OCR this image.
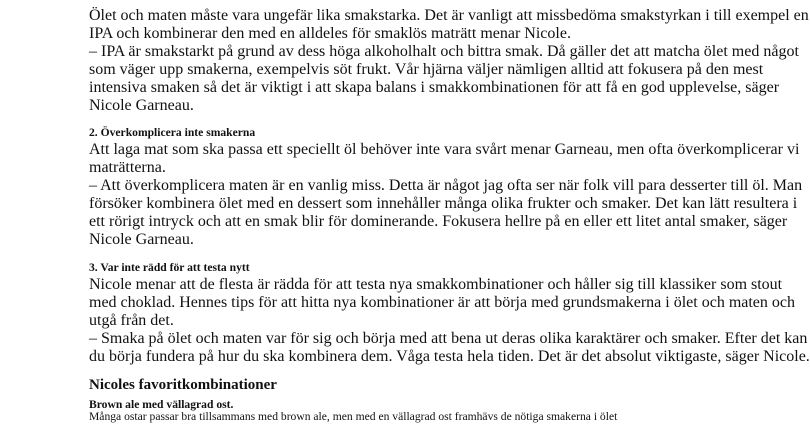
Ölet och maten måste vara ungefär lika smakstarka. Det är vanligt att missbedöma smakstyrkan i till exempel en
IPA och kombinerar den med en alldeles för smaklös maträtt menar Nicole.
– IPA är smakstarkt på grund av dess höga alkoholhalt och bittra smak. Då gäller det att matcha ölet med något
som väger upp smakerna, exempelvis söt frukt. Vår hjärna väljer nämligen alltid att fokusera på den mest
intensiva smaken så det är viktigt i att skapa balans i smakkombinationen för att få en god upplevelse, säger
Nicole Garneau.
2. Överkomplicera inte smakerna
Att laga mat som ska passa ett speciellt öl behöver inte vara svårt menar Garneau, men ofta överkomplicerar vi
maträtterna.
– Att överkomplicera maten är en vanlig miss. Detta är något jag ofta ser när folk vill para desserter till öl. Man
försöker kombinera ölet med en dessert som innehåller många olika frukter och smaker. Det kan lätt resultera i
ett rörigt intryck och att en smak blir för dominerande. Fokusera hellre på en eller ett litet antal smaker, säger
Nicole Garneau.
3. Var inte rädd för att testa nytt
Nicole menar att de flesta är rädda för att testa nya smakkombinationer och håller sig till klassiker som stout
med choklad. Hennes tips för att hitta nya kombinationer är att börja med grundsmakerna i ölet och maten och
utgå från det.
– Smaka på ölet och maten var för sig och börja med att bena ut deras olika karaktärer och smaker. Efter det kan
du börja fundera på hur du ska kombinera dem. Våga testa hela tiden. Det är det absolut viktigaste, säger Nicole.
Nicoles favoritkombinationer
Brown ale med vällagrad ost.
Många ostar passar bra tillsammans med brown ale, men med en vällagrad ost framhävs de nötiga smakerna i ölet
